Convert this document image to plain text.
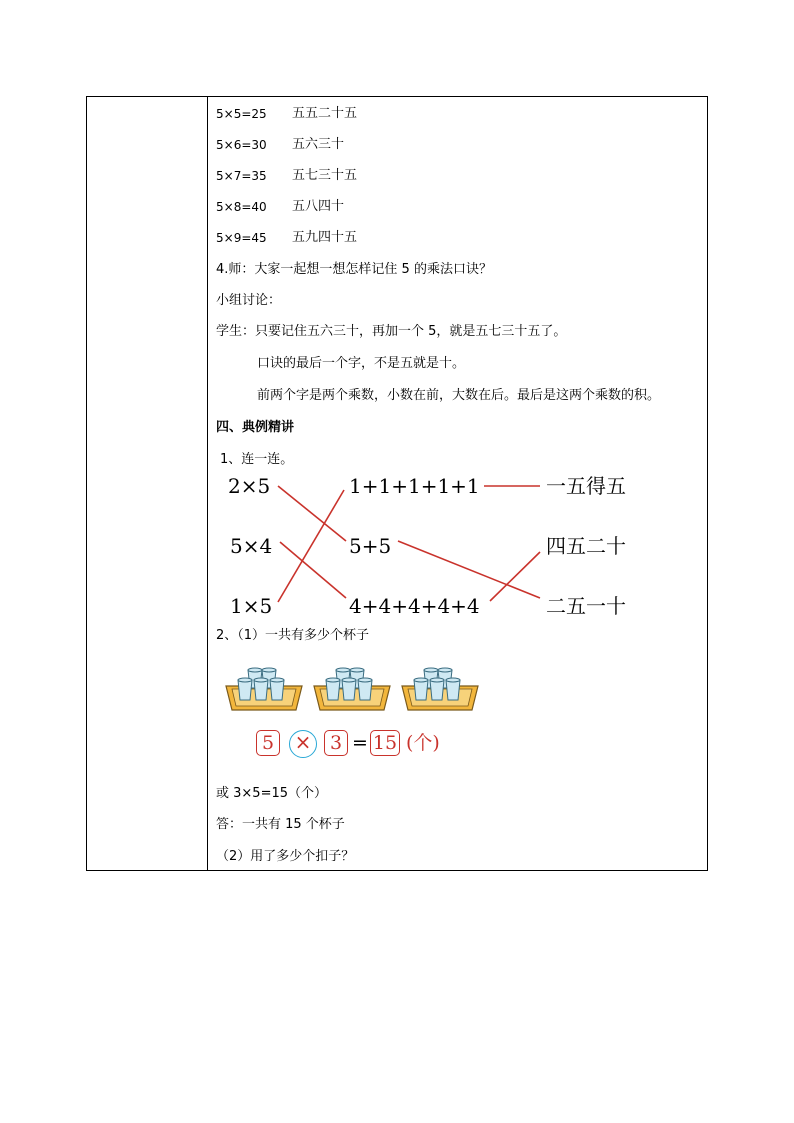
5×5=25 五五二十五
5×6=30 五六三十
5×7=35 五七三十五
5×8=40 五八四十
5×9=45 五九四十五
4.师：大家一起想一想怎样记住 5 的乘法口诀？
小组讨论：
学生：只要记住五六三十，再加一个 5，就是五七三十五了。
口诀的最后一个字，不是五就是十。
前两个字是两个乘数，小数在前，大数在后。最后是这两个乘数的积。
四、典例精讲
1、连一连。
2×5
5×4
1×5
1+1+1+1+1
5+5
4+4+4+4+4
一五得五
四五二十
二五一十
2、（1）一共有多少个杯子
5 × 3 = 15 (个)
或 3×5=15（个）
答：一共有 15 个杯子
（2）用了多少个扣子？
